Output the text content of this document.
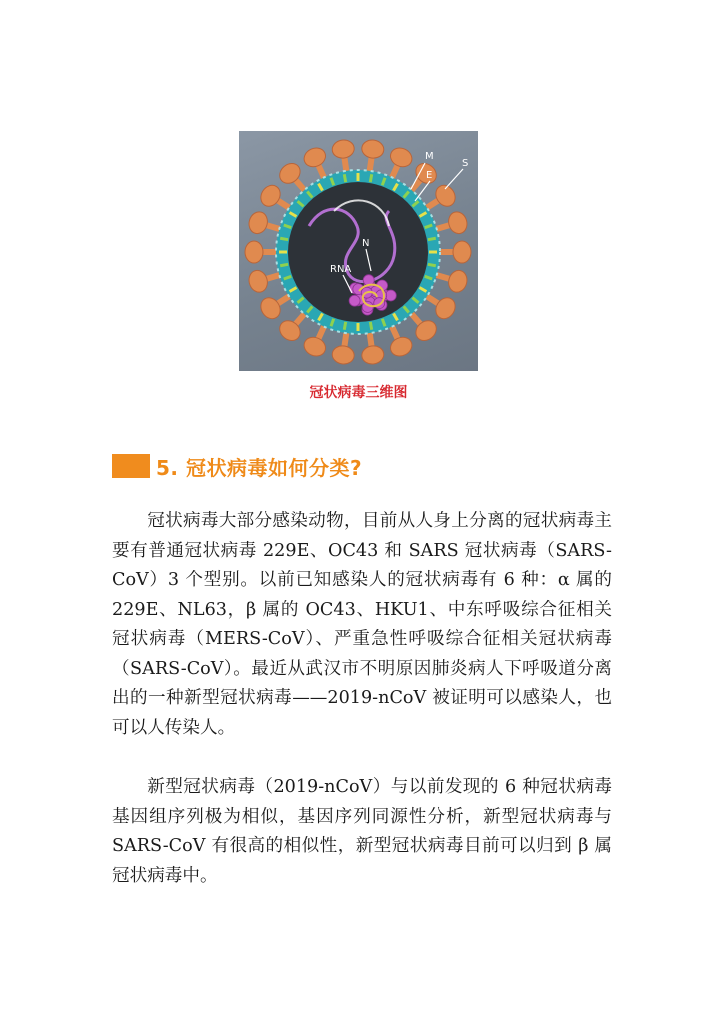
M
E
S
N
RNA
冠状病毒三维图
5. 冠状病毒如何分类?

冠状病毒大部分感染动物，目前从人身上分离的冠状病毒主要有普通冠状病毒 229E、OC43 和 SARS 冠状病毒（SARS-CoV）3 个型别。以前已知感染人的冠状病毒有 6 种：α 属的 229E、NL63，β 属的 OC43、HKU1、中东呼吸综合征相关冠状病毒（MERS-CoV）、严重急性呼吸综合征相关冠状病毒（SARS-CoV）。最近从武汉市不明原因肺炎病人下呼吸道分离出的一种新型冠状病毒——2019-nCoV 被证明可以感染人，也可以人传染人。

新型冠状病毒（2019-nCoV）与以前发现的 6 种冠状病毒基因组序列极为相似，基因序列同源性分析，新型冠状病毒与 SARS-CoV 有很高的相似性，新型冠状病毒目前可以归到 β 属冠状病毒中。
